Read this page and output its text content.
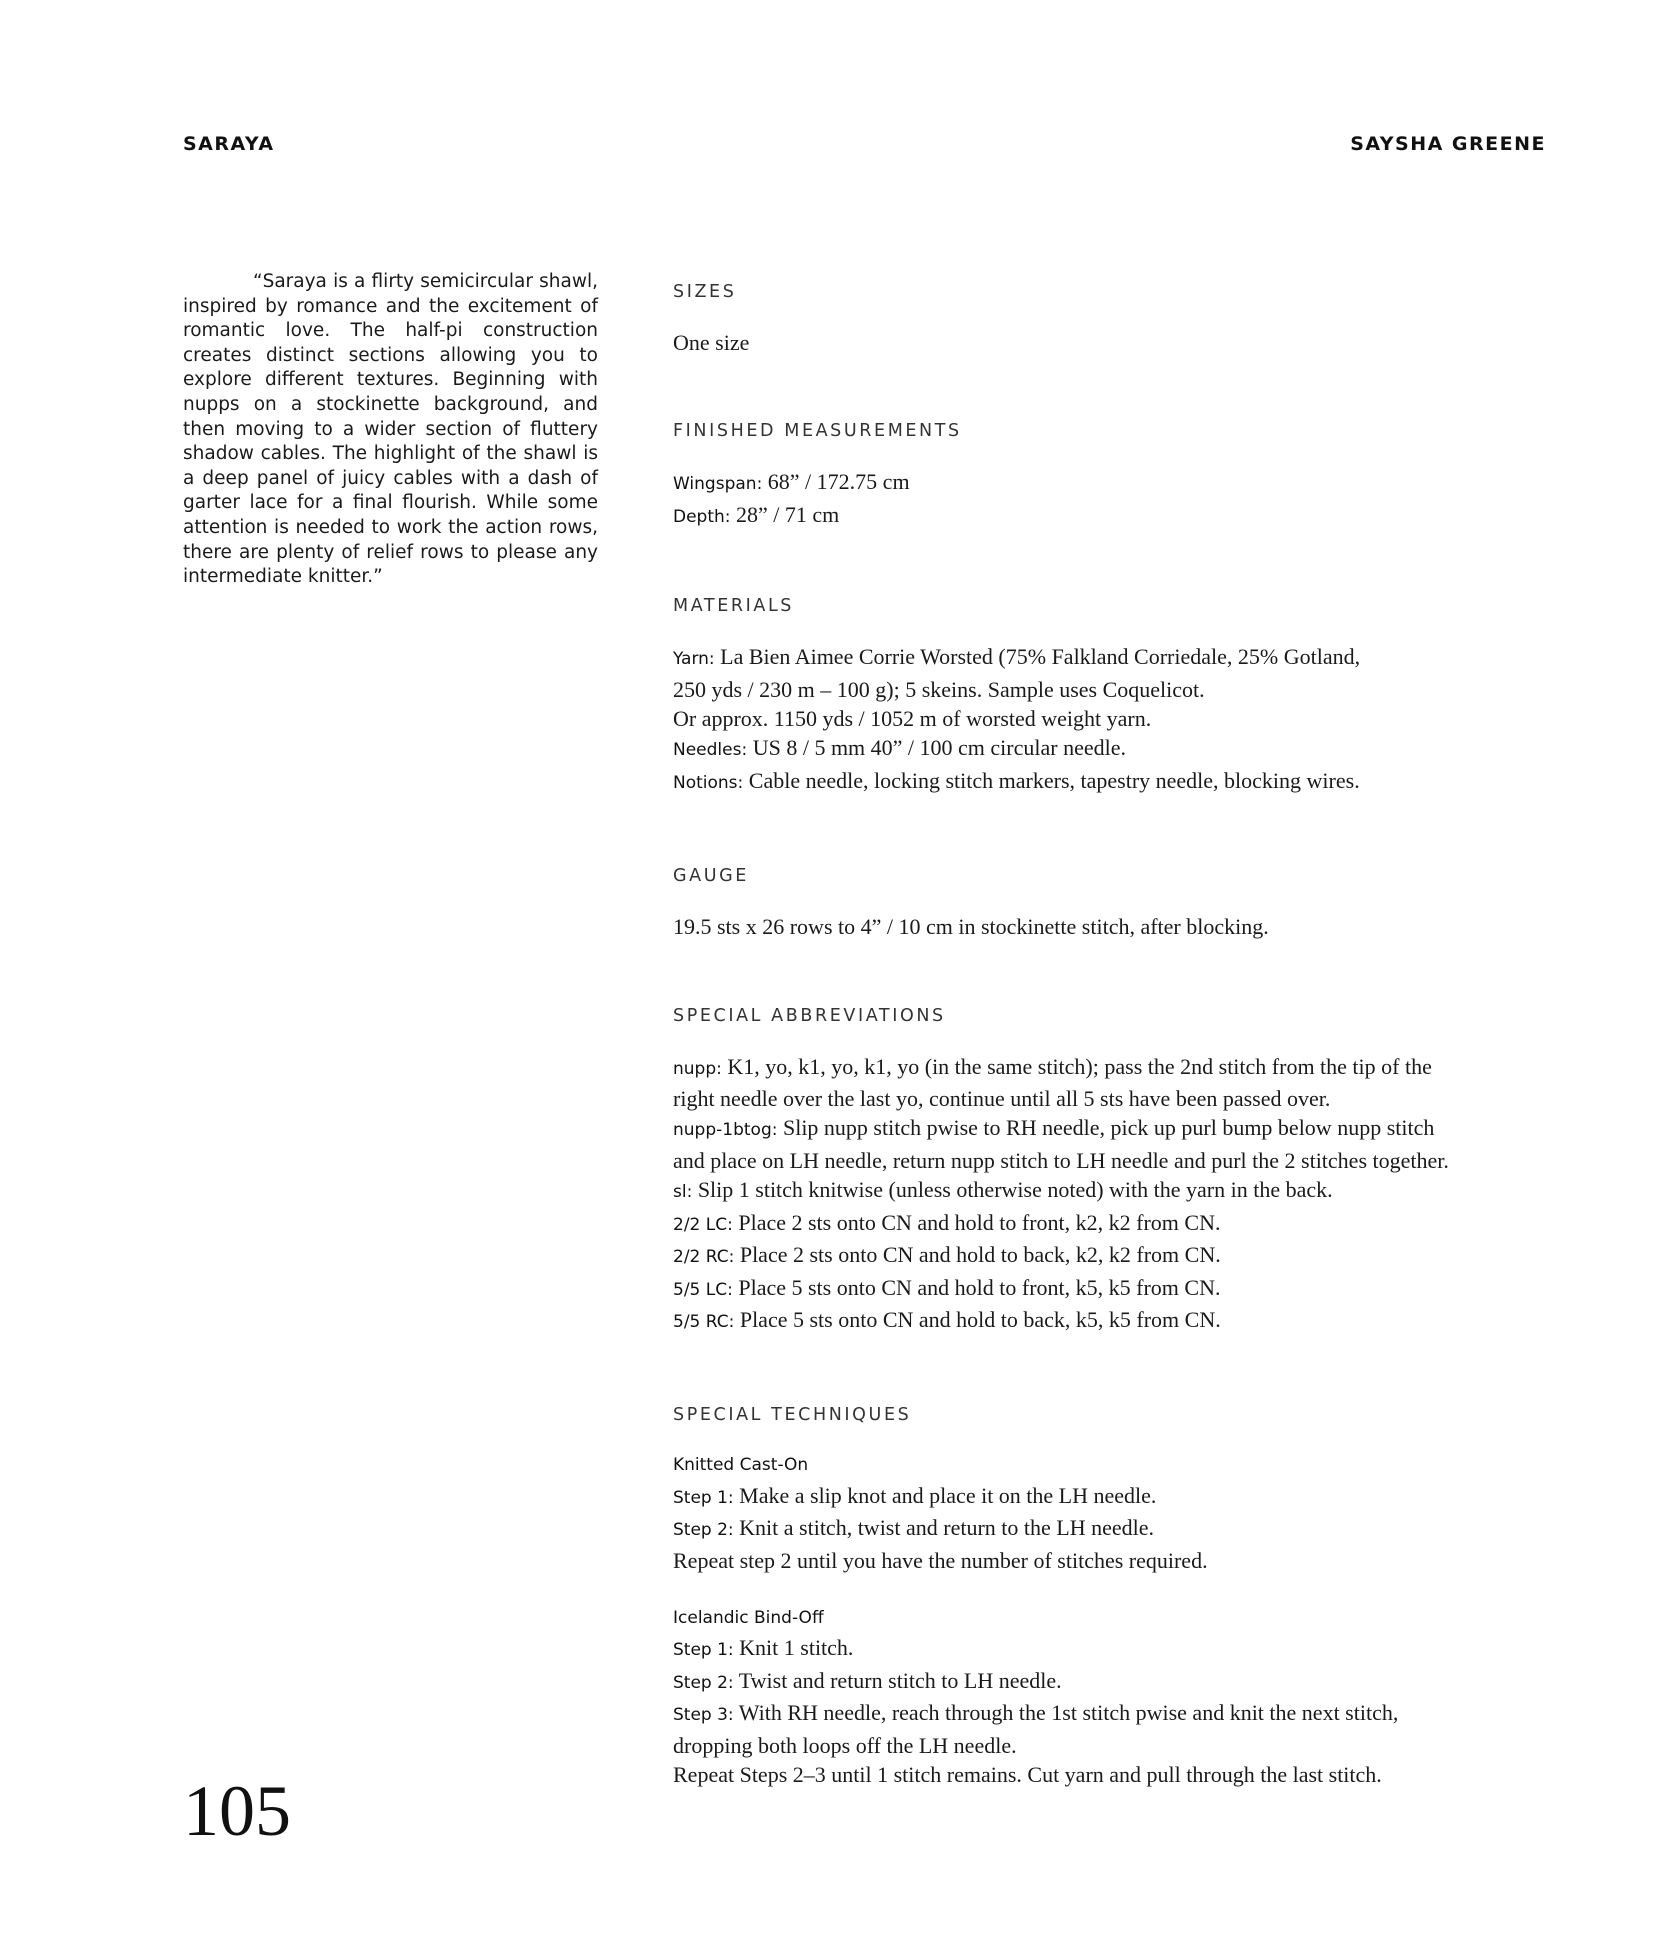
SARAYA	SAYSHA GREENE

“Saraya is a flirty semicircular shawl, inspired by romance and the excitement of romantic love. The half-pi construction creates distinct sections allowing you to explore different textures. Beginning with nupps on a stockinette background, and then moving to a wider section of fluttery shadow cables. The highlight of the shawl is a deep panel of juicy cables with a dash of garter lace for a final flourish. While some attention is needed to work the action rows, there are plenty of relief rows to please any intermediate knitter.”

105
SIZES
One size
FINISHED MEASUREMENTS
Wingspan: 68” / 172.75 cm
Depth: 28” / 71 cm
MATERIALS
Yarn: La Bien Aimee Corrie Worsted (75% Falkland Corriedale, 25% Gotland,
250 yds / 230 m – 100 g); 5 skeins. Sample uses Coquelicot.
Or approx. 1150 yds / 1052 m of worsted weight yarn.
Needles: US 8 / 5 mm 40” / 100 cm circular needle.
Notions: Cable needle, locking stitch markers, tapestry needle, blocking wires.
GAUGE
19.5 sts x 26 rows to 4” / 10 cm in stockinette stitch, after blocking.
SPECIAL ABBREVIATIONS
nupp: K1, yo, k1, yo, k1, yo (in the same stitch); pass the 2nd stitch from the tip of the
right needle over the last yo, continue until all 5 sts have been passed over.
nupp-1btog: Slip nupp stitch pwise to RH needle, pick up purl bump below nupp stitch
and place on LH needle, return nupp stitch to LH needle and purl the 2 stitches together.
sl: Slip 1 stitch knitwise (unless otherwise noted) with the yarn in the back.
2/2 LC: Place 2 sts onto CN and hold to front, k2, k2 from CN.
2/2 RC: Place 2 sts onto CN and hold to back, k2, k2 from CN.
5/5 LC: Place 5 sts onto CN and hold to front, k5, k5 from CN.
5/5 RC: Place 5 sts onto CN and hold to back, k5, k5 from CN.
SPECIAL TECHNIQUES
Knitted Cast-On
Step 1: Make a slip knot and place it on the LH needle.
Step 2: Knit a stitch, twist and return to the LH needle.
Repeat step 2 until you have the number of stitches required.
Icelandic Bind-Off
Step 1: Knit 1 stitch.
Step 2: Twist and return stitch to LH needle.
Step 3: With RH needle, reach through the 1st stitch pwise and knit the next stitch,
dropping both loops off the LH needle.
Repeat Steps 2–3 until 1 stitch remains. Cut yarn and pull through the last stitch.
